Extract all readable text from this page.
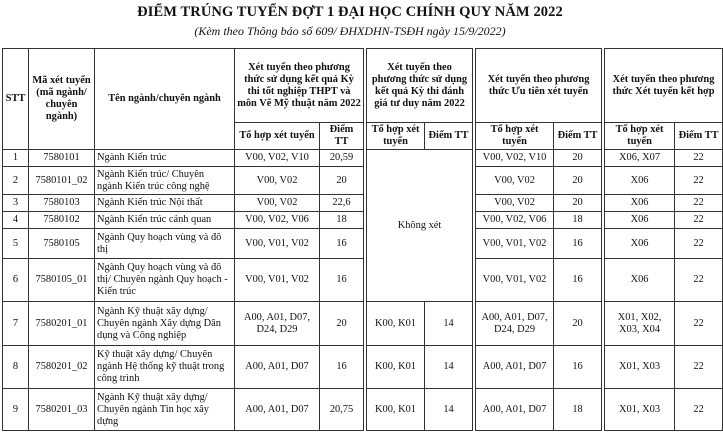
ĐIỂM TRÚNG TUYỂN ĐỢT 1 ĐẠI HỌC CHÍNH QUY NĂM 2022
(Kèm theo Thông báo số 609/ ĐHXDHN-TSĐH ngày 15/9/2022)
STT	Mã xét tuyển (mã ngành/ chuyên ngành)	Tên ngành/chuyên ngành	Xét tuyển theo phương thức sử dụng kết quả Kỳ thi tốt nghiệp THPT và môn Vẽ Mỹ thuật năm 2022			Xét tuyển theo phương thức sử dụng kết quả Kỳ thi đánh giá tư duy năm 2022			Xét tuyển theo phương thức Ưu tiên xét tuyển			Xét tuyển theo phương thức Xét tuyển kết hợp	
			Tổ hợp xét tuyển	Điểm TT		Tổ hợp xét tuyển	Điểm TT		Tổ hợp xét tuyển	Điểm TT		Tổ hợp xét tuyển	Điểm TT
1	7580101	Ngành Kiến trúc	V00, V02, V10	20,59		Không xét			V00, V02, V10	20		X06, X07	22
2	7580101_02	Ngành Kiến trúc/ Chuyên ngành Kiến trúc công nghệ	V00, V02	20					V00, V02	20		X06	22
3	7580103	Ngành Kiến trúc Nội thất	V00, V02	22,6					V00, V02	20		X06	22
4	7580102	Ngành Kiến trúc cảnh quan	V00, V02, V06	18					V00, V02, V06	18		X06	22
5	7580105	Ngành Quy hoạch vùng và đô thị	V00, V01, V02	16					V00, V01, V02	16		X06	22
6	7580105_01	Ngành Quy hoạch vùng và đô thị/ Chuyên ngành Quy hoạch - Kiến trúc	V00, V01, V02	16					V00, V01, V02	16		X06	22
7	7580201_01	Ngành Kỹ thuật xây dựng/ Chuyên ngành Xây dựng Dân dụng và Công nghiệp	A00, A01, D07, D24, D29	20		K00, K01	14		A00, A01, D07, D24, D29	20		X01, X02, X03, X04	22
8	7580201_02	Kỹ thuật xây dựng/ Chuyên ngành Hệ thống kỹ thuật trong công trình	A00, A01, D07	16		K00, K01	14		A00, A01, D07	16		X01, X03	22
9	7580201_03	Ngành Kỹ thuật xây dựng/ Chuyên ngành Tin học xây dựng	A00, A01, D07	20,75		K00, K01	14		A00, A01, D07	18		X01, X03	22
